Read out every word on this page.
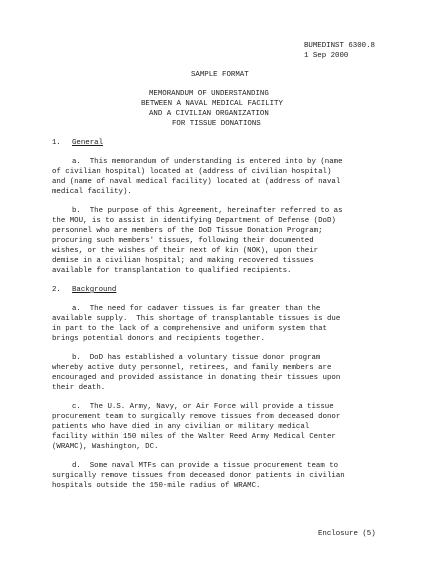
BUMEDINST 6300.8
1 Sep 2000
SAMPLE FORMAT
MEMORANDUM OF UNDERSTANDING
BETWEEN A NAVAL MEDICAL FACILITY
AND A CIVILIAN ORGANIZATION
FOR TISSUE DONATIONS
1. General
a.  This memorandum of understanding is entered into by (name
of civilian hospital) located at (address of civilian hospital)
and (name of naval medical facility) located at (address of naval
medical facility).
b.  The purpose of this Agreement, hereinafter referred to as
the MOU, is to assist in identifying Department of Defense (DoD)
personnel who are members of the DoD Tissue Donation Program;
procuring such members' tissues, following their documented
wishes, or the wishes of their next of kin (NOK), upon their
demise in a civilian hospital; and making recovered tissues
available for transplantation to qualified recipients.
2. Background
a.  The need for cadaver tissues is far greater than the
available supply.  This shortage of transplantable tissues is due
in part to the lack of a comprehensive and uniform system that
brings potential donors and recipients together.
b.  DoD has established a voluntary tissue donor program
whereby active duty personnel, retirees, and family members are
encouraged and provided assistance in donating their tissues upon
their death.
c.  The U.S. Army, Navy, or Air Force will provide a tissue
procurement team to surgically remove tissues from deceased donor
patients who have died in any civilian or military medical
facility within 150 miles of the Walter Reed Army Medical Center
(WRAMC), Washington, DC.
d.  Some naval MTFs can provide a tissue procurement team to
surgically remove tissues from deceased donor patients in civilian
hospitals outside the 150-mile radius of WRAMC.
Enclosure (5)
